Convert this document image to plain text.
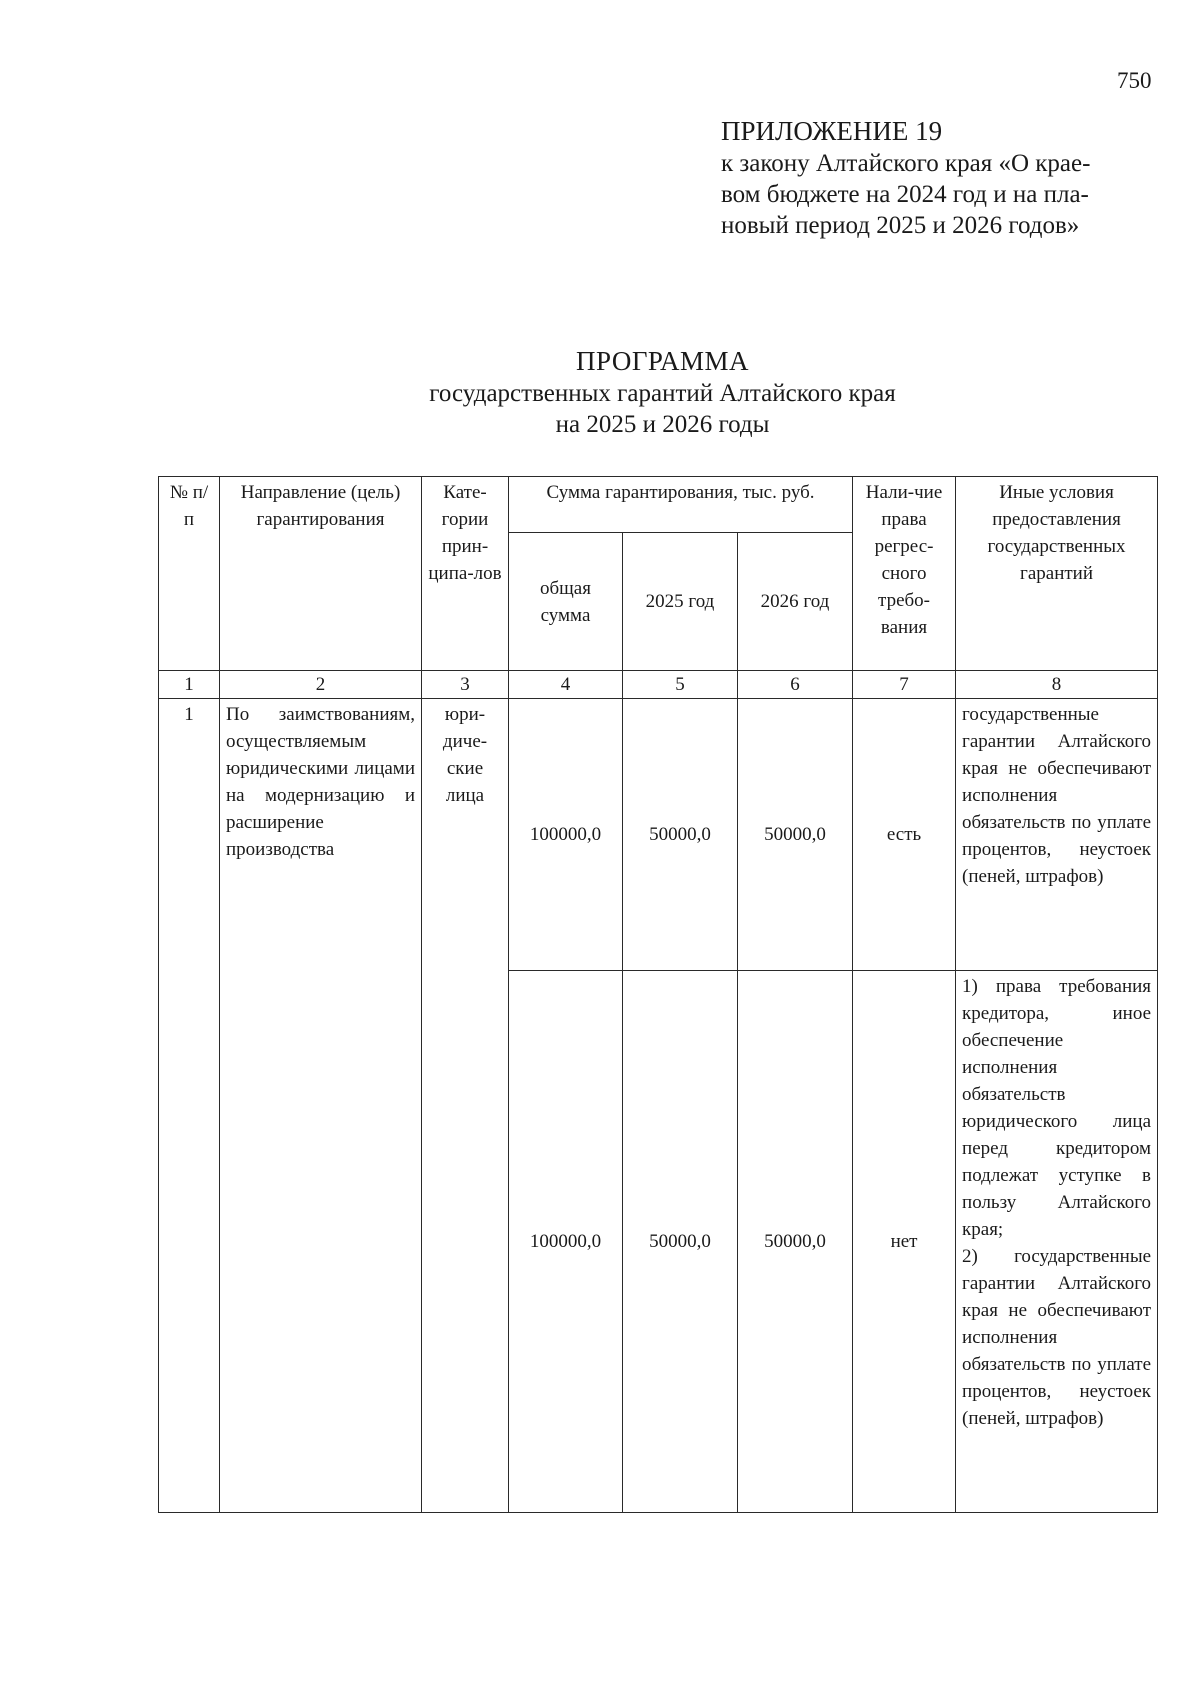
750
ПРИЛОЖЕНИЕ 19
к закону Алтайского края «О крае-
вом бюджете на 2024 год и на пла-
новый период 2025 и 2026 годов»
ПРОГРАММА
государственных гарантий Алтайского края
на 2025 и 2026 годы
№ п/п	Направление (цель) гарантирования	Кате-гории прин-ципа-лов	Сумма гарантирования, тыс. руб.			Нали-чие права регрес-сного требо-вания	Иные условия предоставления государственных гарантий
			общая сумма	2025 год	2026 год		
1	2	3	4	5	6	7	8
1	По заимствованиям, осуществляемым юридическими лицами на модернизацию и расширение производства	юри-диче-ские лица	100000,0	50000,0	50000,0	есть	государственные гарантии Алтайского края не обеспечивают исполнения обязательств по уплате процентов, неустоек (пеней, штрафов)

			100000,0	50000,0	50000,0	нет	1) права требования кредитора, иное обеспечение исполнения обязательств юридического лица перед кредитором подлежат уступке в пользу Алтайского края;
2) государственные гарантии Алтайского края не обеспечивают исполнения обязательств по уплате процентов, неустоек (пеней, штрафов)
